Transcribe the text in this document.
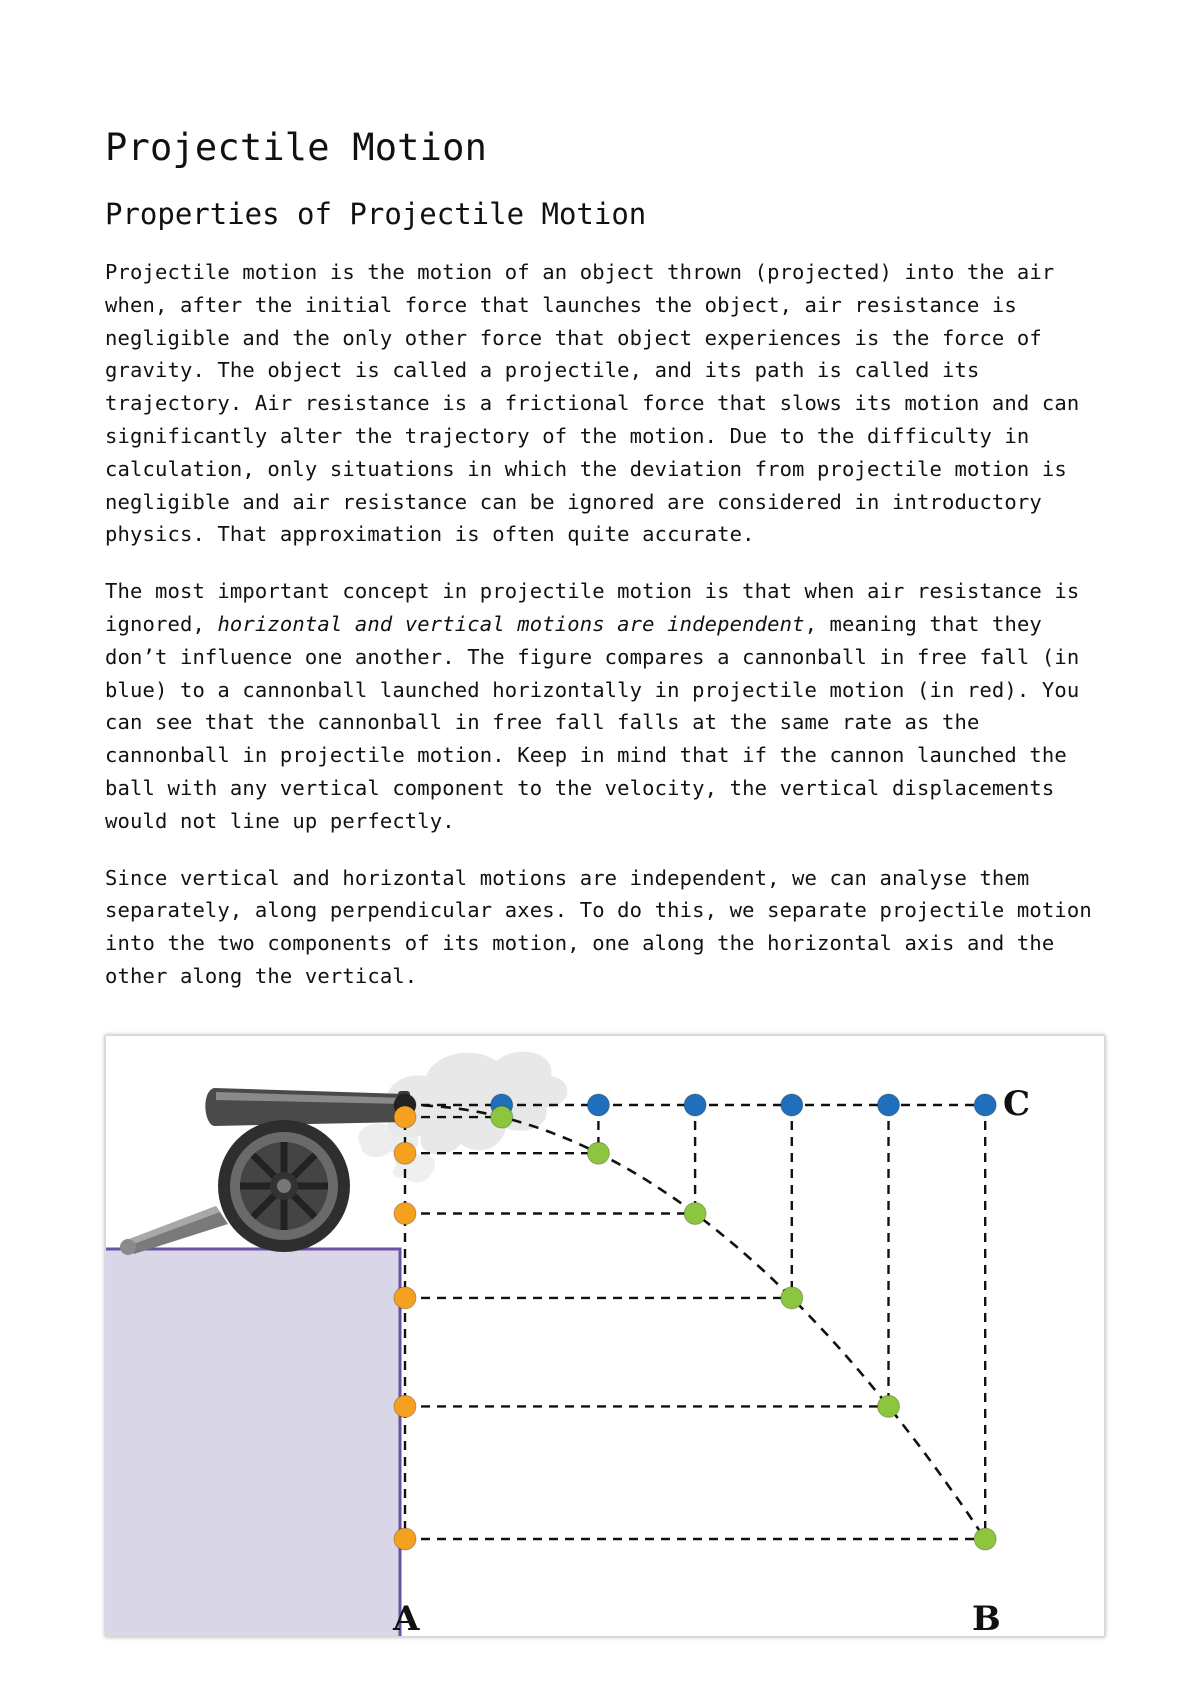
Projectile Motion
Properties of Projectile Motion

Projectile motion is the motion of an object thrown (projected) into the air when, after the initial force that launches the object, air resistance is negligible and the only other force that object experiences is the force of gravity. The object is called a projectile, and its path is called its trajectory. Air resistance is a frictional force that slows its motion and can significantly alter the trajectory of the motion. Due to the difficulty in calculation, only situations in which the deviation from projectile motion is negligible and air resistance can be ignored are considered in introductory physics. That approximation is often quite accurate.

The most important concept in projectile motion is that when air resistance is ignored, horizontal and vertical motions are independent, meaning that they don’t influence one another. The figure compares a cannonball in free fall (in blue) to a cannonball launched horizontally in projectile motion (in red). You can see that the cannonball in free fall falls at the same rate as the cannonball in projectile motion. Keep in mind that if the cannon launched the ball with any vertical component to the velocity, the vertical displacements would not line up perfectly.

Since vertical and horizontal motions are independent, we can analyse them separately, along perpendicular axes. To do this, we separate projectile motion into the two components of its motion, one along the horizontal axis and the other along the vertical.

A	B
C
